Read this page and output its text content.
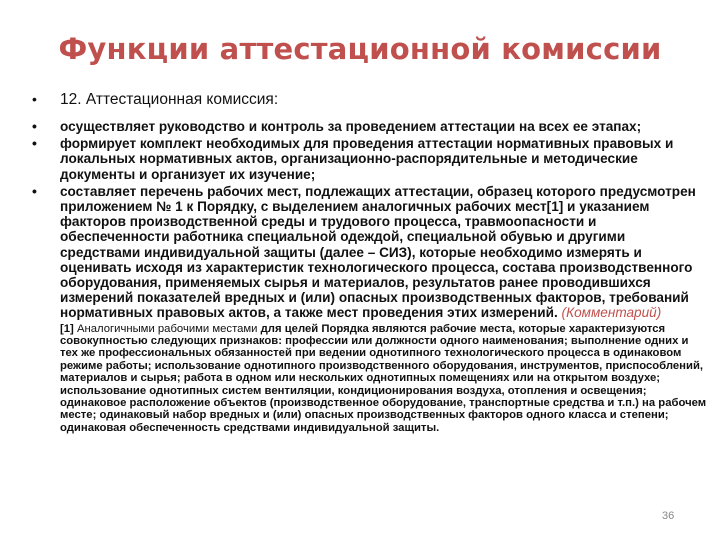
Функции аттестационной комиссии
• 12. Аттестационная комиссия:
• осуществляет руководство и контроль за проведением аттестации на всех ее этапах;
• формирует комплект необходимых для проведения аттестации нормативных правовых и локальных нормативных актов, организационно-распорядительные и методические документы и организует их изучение;
• составляет перечень рабочих мест, подлежащих аттестации, образец которого предусмотрен приложением № 1 к Порядку, с выделением аналогичных рабочих мест[1] и указанием факторов производственной среды и трудового процесса, травмоопасности и обеспеченности работника специальной одеждой, специальной обувью и другими средствами индивидуальной защиты (далее – СИЗ), которые необходимо измерять и оценивать исходя из характеристик технологического процесса, состава производственного оборудования, применяемых сырья и материалов, результатов ранее проводившихся измерений показателей вредных и (или) опасных производственных факторов, требований нормативных правовых актов, а также мест проведения этих измерений. (Комментарий)
[1] Аналогичными рабочими местами для целей Порядка являются рабочие места, которые характеризуются совокупностью следующих признаков: профессии или должности одного наименования; выполнение одних и тех же профессиональных обязанностей при ведении однотипного технологического процесса в одинаковом режиме работы; использование однотипного производственного оборудования, инструментов, приспособлений, материалов и сырья; работа в одном или нескольких однотипных помещениях или на открытом воздухе; использование однотипных систем вентиляции, кондиционирования воздуха, отопления и освещения; одинаковое расположение объектов (производственное оборудование, транспортные средства и т.п.) на рабочем месте; одинаковый набор вредных и (или) опасных производственных факторов одного класса и степени; одинаковая обеспеченность средствами индивидуальной защиты.
36
